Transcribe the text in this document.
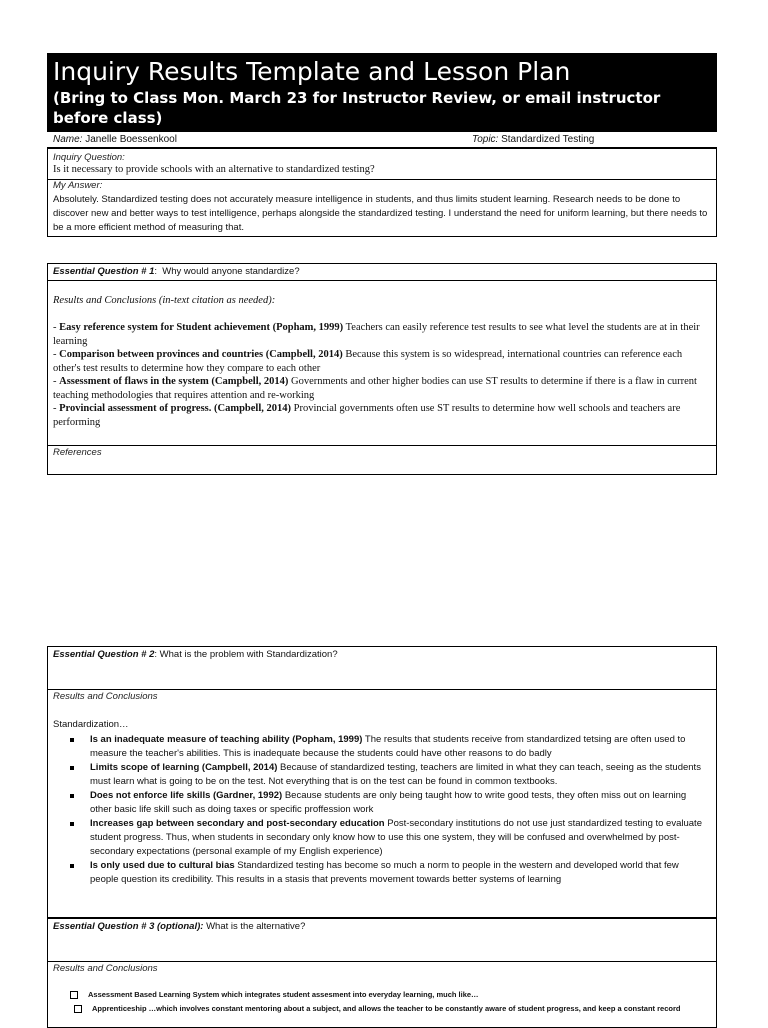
Inquiry Results Template and Lesson Plan
(Bring to Class Mon. March 23 for Instructor Review, or email instructor before class)
Name: Janelle Boessenkool	Topic: Standardized Testing
Inquiry Question:
Is it necessary to provide schools with an alternative to standardized testing?
My Answer:
Absolutely. Standardized testing does not accurately measure intelligence in students, and thus limits student learning. Research needs to be done to discover new and better ways to test intelligence, perhaps alongside the standardized testing. I understand the need for uniform learning, but there needs to be a more efficient method of measuring that.
Essential Question # 1:  Why would anyone standardize?
Results and Conclusions (in-text citation as needed):

- Easy reference system for Student achievement (Popham, 1999) Teachers can easily reference test results to see what level the students are at in their learning

- Comparison between provinces and countries (Campbell, 2014) Because this system is so widespread, international countries can reference each other's test results to determine how they compare to each other

- Assessment of flaws in the system (Campbell, 2014) Governments and other higher bodies can use ST results to determine if there is a flaw in current teaching methodologies that requires attention and re-working

- Provincial assessment of progress. (Campbell, 2014) Provincial governments often use ST results to determine how well schools and teachers are performing

References
Essential Question # 2: What is the problem with Standardization?
Results and Conclusions
Standardization…
Is an inadequate measure of teaching ability (Popham, 1999) The results that students receive from standardized tetsing are often used to measure the teacher's abilities. This is inadequate because the students could have other reasons to do badly
Limits scope of learning (Campbell, 2014) Because of standardized testing, teachers are limited in what they can teach, seeing as the students must learn what is going to be on the test. Not everything that is on the test can be found in common textbooks.
Does not enforce life skills (Gardner, 1992) Because students are only being taught how to write good tests, they often miss out on learning other basic life skill such as doing taxes or specific proffession work
Increases gap between secondary and post-secondary education Post-secondary institutions do not use just standardized testing to evaluate student progress. Thus, when students in secondary only know how to use this one system, they will be confused and overwhelmed by post-secondary expectations (personal example of my English experience)
Is only used due to cultural bias Standardized testing has become so much a norm to people in the western and developed world that few people question its credibility. This results in a stasis that prevents movement towards better systems of learning
Essential Question # 3 (optional): What is the alternative?
Results and Conclusions
Assessment Based Learning System which integrates student assesment into everyday learning, much like…
Apprenticeship …which involves constant mentoring about a subject, and allows the teacher to be constantly aware of student progress, and keep a constant record
